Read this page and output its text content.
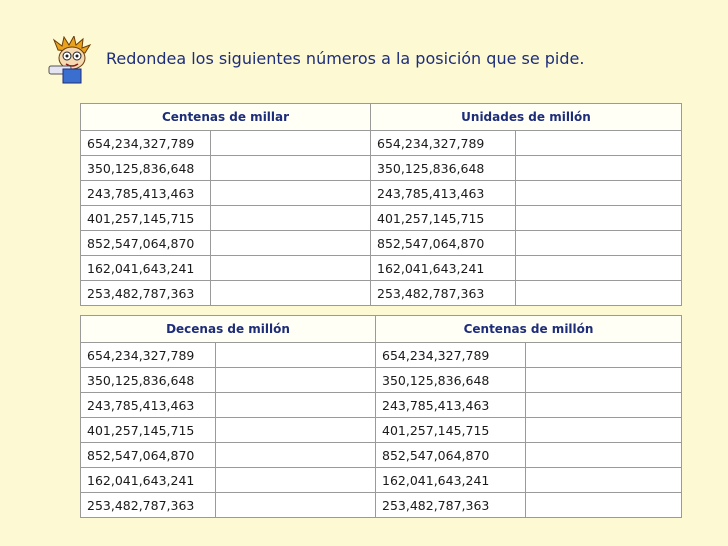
Redondea los siguientes números a la posición que se pide.
Centenas de millar		Unidades de millón	
654,234,327,789		654,234,327,789	
350,125,836,648		350,125,836,648	
243,785,413,463		243,785,413,463	
401,257,145,715		401,257,145,715	
852,547,064,870		852,547,064,870	
162,041,643,241		162,041,643,241	
253,482,787,363		253,482,787,363	
Decenas de millón		Centenas de millón	
654,234,327,789		654,234,327,789	
350,125,836,648		350,125,836,648	
243,785,413,463		243,785,413,463	
401,257,145,715		401,257,145,715	
852,547,064,870		852,547,064,870	
162,041,643,241		162,041,643,241	
253,482,787,363		253,482,787,363	
